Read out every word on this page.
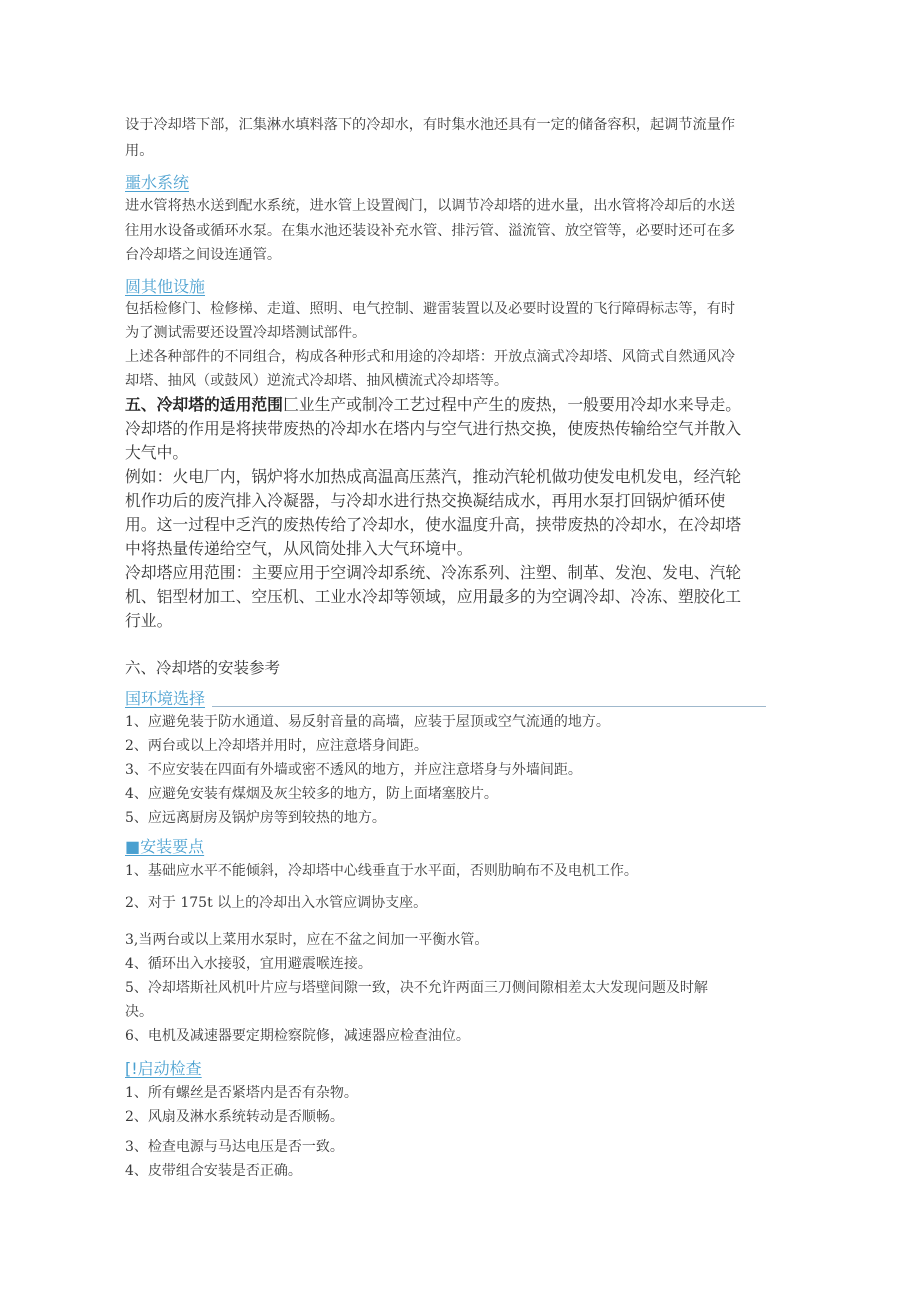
设于冷却塔下部，汇集淋水填料落下的冷却水，有时集水池还具有一定的储备容积，起调节流量作

用。

噩水系统

进水管将热水送到配水系统，进水管上设置阀门，以调节冷却塔的进水量，出水管将冷却后的水送

往用水设备或循环水泵。在集水池还装设补充水管、排污管、溢流管、放空管等，必要时还可在多

台冷却塔之间设连通管。

圆其他设施

包括检修门、检修梯、走道、照明、电气控制、避雷装置以及必要时设置的飞行障碍标志等，有时

为了测试需要还设置冷却塔测试部件。

上述各种部件的不同组合，构成各种形式和用途的冷却塔：开放点滴式冷却塔、风筒式自然通风冷

却塔、抽风（或鼓风）逆流式冷却塔、抽风横流式冷却塔等。

五、冷却塔的适用范围匚业生产或制冷工艺过程中产生的废热，一般要用冷却水来导走。

冷却塔的作用是将挟带废热的冷却水在塔内与空气进行热交换，使废热传输给空气并散入

大气中。

例如：火电厂内，锅炉将水加热成高温高压蒸汽，推动汽轮机做功使发电机发电，经汽轮

机作功后的废汽排入冷凝器，与冷却水进行热交换凝结成水，再用水泵打回锅炉循环使

用。这一过程中乏汽的废热传给了冷却水，使水温度升高，挟带废热的冷却水，在冷却塔

中将热量传递给空气，从风筒处排入大气环境中。

冷却塔应用范围：主要应用于空调冷却系统、冷冻系列、注塑、制革、发泡、发电、汽轮

机、铝型材加工、空压机、工业水冷却等领域，应用最多的为空调冷却、冷冻、塑胶化工

行业。

六、冷却塔的安装参考

国环境选择

1、应避免装于防水通道、易反射音量的高墙，应装于屋顶或空气流通的地方。

2、两台或以上冷却塔并用时，应注意塔身间距。

3、不应安装在四面有外墙或密不透风的地方，并应注意塔身与外墙间距。

4、应避免安装有煤烟及灰尘较多的地方，防上面堵塞胶片。

5、应远离厨房及锅炉房等到较热的地方。

■安装要点

1、基础应水平不能倾斜，冷却塔中心线垂直于水平面，否则肋晌布不及电机工作。

2、对于 175t 以上的冷却出入水管应调协支座。

3,当两台或以上菜用水泵时，应在不盆之间加一平衡水管。

4、循环出入水接驳，宜用避震喉连接。

5、冷却塔斯社风机叶片应与塔壁间隙一致，决不允许两面三刀侧间隙相差太大发现问题及时解

决。

6、电机及减速器要定期检察院修，减速器应检查油位。

[!启动检查

1、所有螺丝是否紧塔内是否有杂物。

2、风扇及淋水系统转动是否顺畅。

3、检查电源与马达电压是否一致。

4、皮带组合安装是否正确。
